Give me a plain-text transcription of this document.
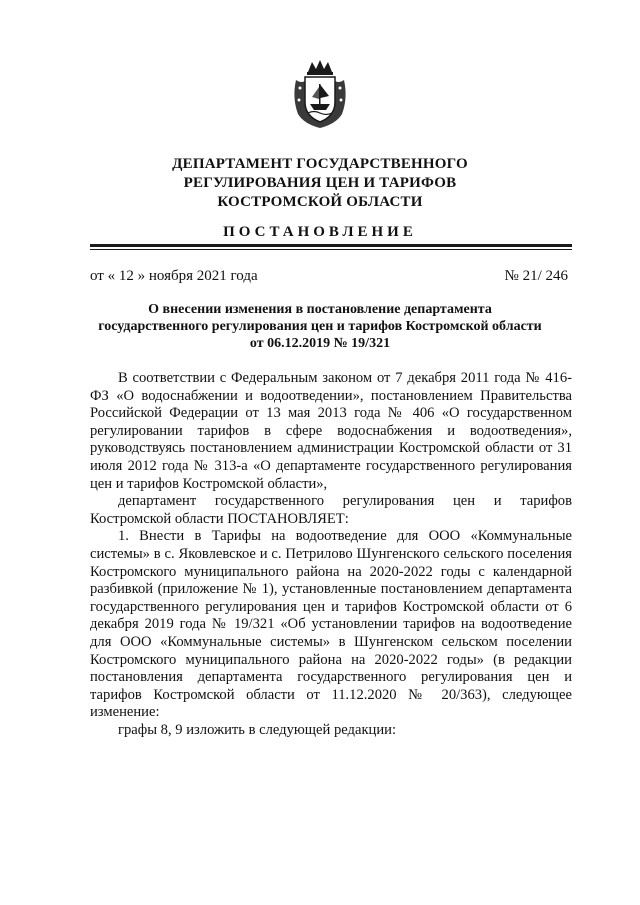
ДЕПАРТАМЕНТ ГОСУДАРСТВЕННОГО
РЕГУЛИРОВАНИЯ ЦЕН И ТАРИФОВ
КОСТРОМСКОЙ ОБЛАСТИ
ПОСТАНОВЛЕНИЕ
от « 12 » ноября 2021 года	№ 21/ 246
О внесении изменения в постановление департамента
государственного регулирования цен и тарифов Костромской области
от 06.12.2019 № 19/321

В соответствии с Федеральным законом от 7 декабря 2011 года № 416-ФЗ «О водоснабжении и водоотведении», постановлением Правительства Российской Федерации от 13 мая 2013 года № 406 «О государственном регулировании тарифов в сфере водоснабжения и водоотведения», руководствуясь постановлением администрации Костромской области от 31 июля 2012 года № 313-а «О департаменте государственного регулирования цен и тарифов Костромской области»,

департамент государственного регулирования цен и тарифов Костромской области ПОСТАНОВЛЯЕТ:

1. Внести в Тарифы на водоотведение для ООО «Коммунальные системы» в с. Яковлевское и с. Петрилово Шунгенского сельского поселения Костромского муниципального района на 2020-2022 годы с календарной разбивкой (приложение № 1), установленные постановлением департамента государственного регулирования цен и тарифов Костромской области от 6 декабря 2019 года № 19/321 «Об установлении тарифов на водоотведение для ООО «Коммунальные системы» в Шунгенском сельском поселении Костромского муниципального района на 2020-2022 годы» (в редакции постановления департамента государственного регулирования цен и тарифов Костромской области от 11.12.2020 № 20/363), следующее изменение:

графы 8, 9 изложить в следующей редакции:
